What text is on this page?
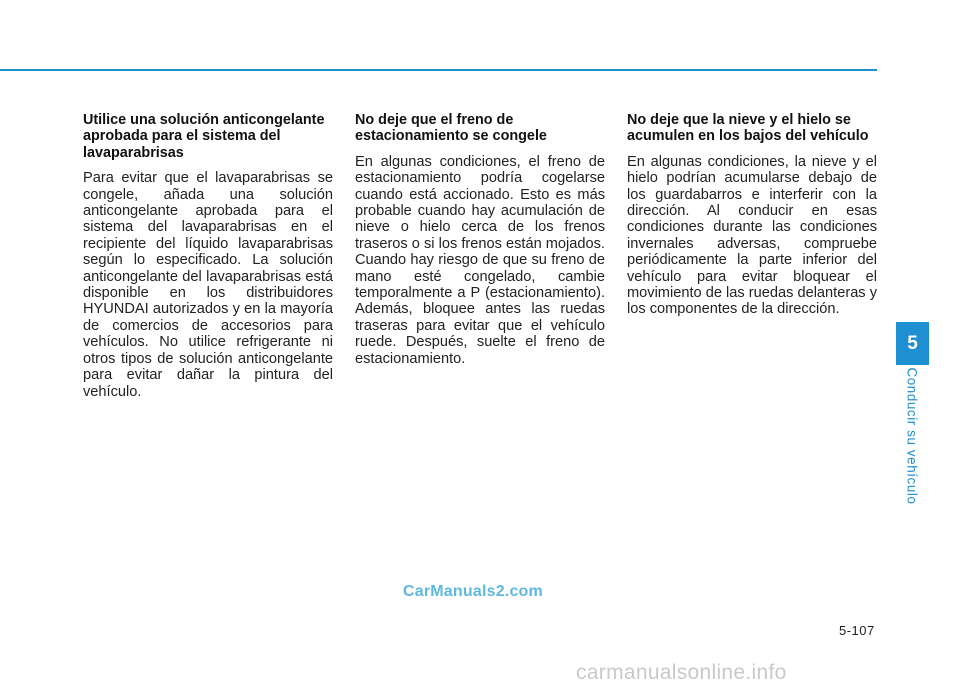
Utilice una solución anticongelante aprobada para el sistema del lavaparabrisas

Para evitar que el lavaparabrisas se congele, añada una solución anticongelante aprobada para el sistema del lavaparabrisas en el recipiente del líquido lavaparabrisas según lo especificado. La solución anticongelante del lavaparabrisas está disponible en los distribuidores HYUNDAI autorizados y en la mayoría de comercios de accesorios para vehículos. No utilice refrigerante ni otros tipos de solución anticongelante para evitar dañar la pintura del vehículo.

No deje que el freno de estacionamiento se congele

En algunas condiciones, el freno de estacionamiento podría cogelarse cuando está accionado. Esto es más probable cuando hay acumulación de nieve o hielo cerca de los frenos traseros o si los frenos están mojados. Cuando hay riesgo de que su freno de mano esté congelado, cambie temporalmente a P (estacionamiento). Además, bloquee antes las ruedas traseras para evitar que el vehículo ruede. Después, suelte el freno de estacionamiento.

No deje que la nieve y el hielo se acumulen en los bajos del vehículo

En algunas condiciones, la nieve y el hielo podrían acumularse debajo de los guardabarros e interferir con la dirección. Al conducir en esas condiciones durante las condiciones invernales adversas, compruebe periódicamente la parte inferior del vehículo para evitar bloquear el movimiento de las ruedas delanteras y los componentes de la dirección.

5
Conducir su vehículo
CarManuals2.com
5-107
carmanualsonline.info
